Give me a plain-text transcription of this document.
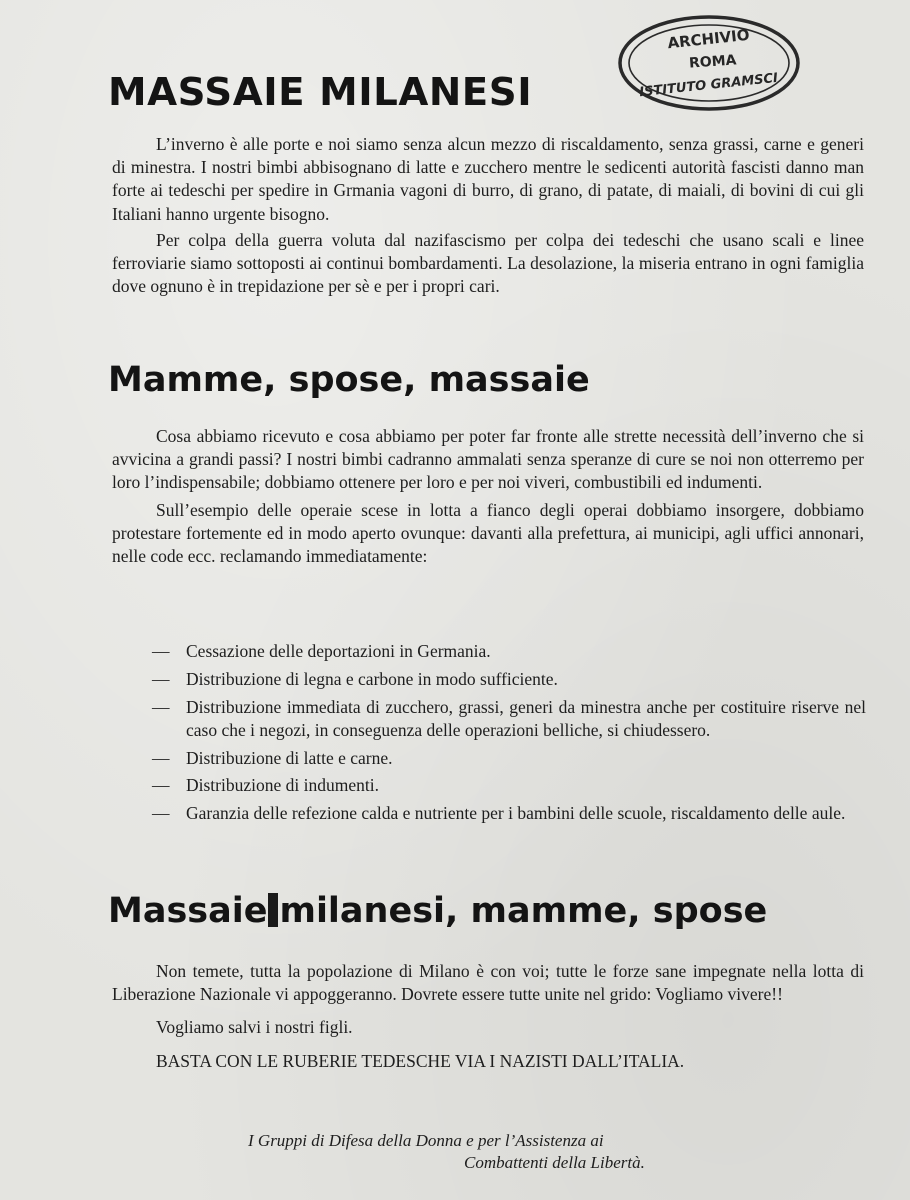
ARCHIVIO
ROMA
ISTITUTO GRAMSCI
MASSAIE MILANESI

L’inverno è alle porte e noi siamo senza alcun mezzo di riscaldamento, senza grassi, carne e generi di minestra. I nostri bimbi abbisognano di latte e zucchero mentre le sedicenti autorità fascisti danno man forte ai tedeschi per spedire in Grmania vagoni di burro, di grano, di patate, di maiali, di bovini di cui gli Italiani hanno urgente bisogno.

Per colpa della guerra voluta dal nazifascismo per colpa dei tedeschi che usano scali e linee ferroviarie siamo sottoposti ai continui bombardamenti. La desolazione, la miseria entrano in ogni famiglia dove ognuno è in trepidazione per sè e per i propri cari.

Mamme, spose, massaie

Cosa abbiamo ricevuto e cosa abbiamo per poter far fronte alle strette necessità dell’inverno che si avvicina a grandi passi? I nostri bimbi cadranno ammalati senza speranze di cure se noi non otterremo per loro l’indispensabile; dobbiamo ottenere per loro e per noi viveri, combustibili ed indumenti.

Sull’esempio delle operaie scese in lotta a fianco degli operai dobbiamo insorgere, dobbiamo protestare fortemente ed in modo aperto ovunque: davanti alla prefettura, ai municipi, agli uffici annonari, nelle code ecc. reclamando immediatamente:

— Cessazione delle deportazioni in Germania.
— Distribuzione di legna e carbone in modo sufficiente.
— Distribuzione immediata di zucchero, grassi, generi da minestra anche per costituire riserve nel caso che i negozi, in conseguenza delle operazioni belliche, si chiudessero.
— Distribuzione di latte e carne.
— Distribuzione di indumenti.
— Garanzia delle refezione calda e nutriente per i bambini delle scuole, riscaldamento delle aule.
Massaie milanesi, mamme, spose

Non temete, tutta la popolazione di Milano è con voi; tutte le forze sane impegnate nella lotta di Liberazione Nazionale vi appoggeranno. Dovrete essere tutte unite nel grido: Vogliamo vivere!!

Vogliamo salvi i nostri figli.

BASTA CON LE RUBERIE TEDESCHE VIA I NAZISTI DALL’ITALIA.

I Gruppi di Difesa della Donna e per l’Assistenza ai
Combattenti della Libertà.
